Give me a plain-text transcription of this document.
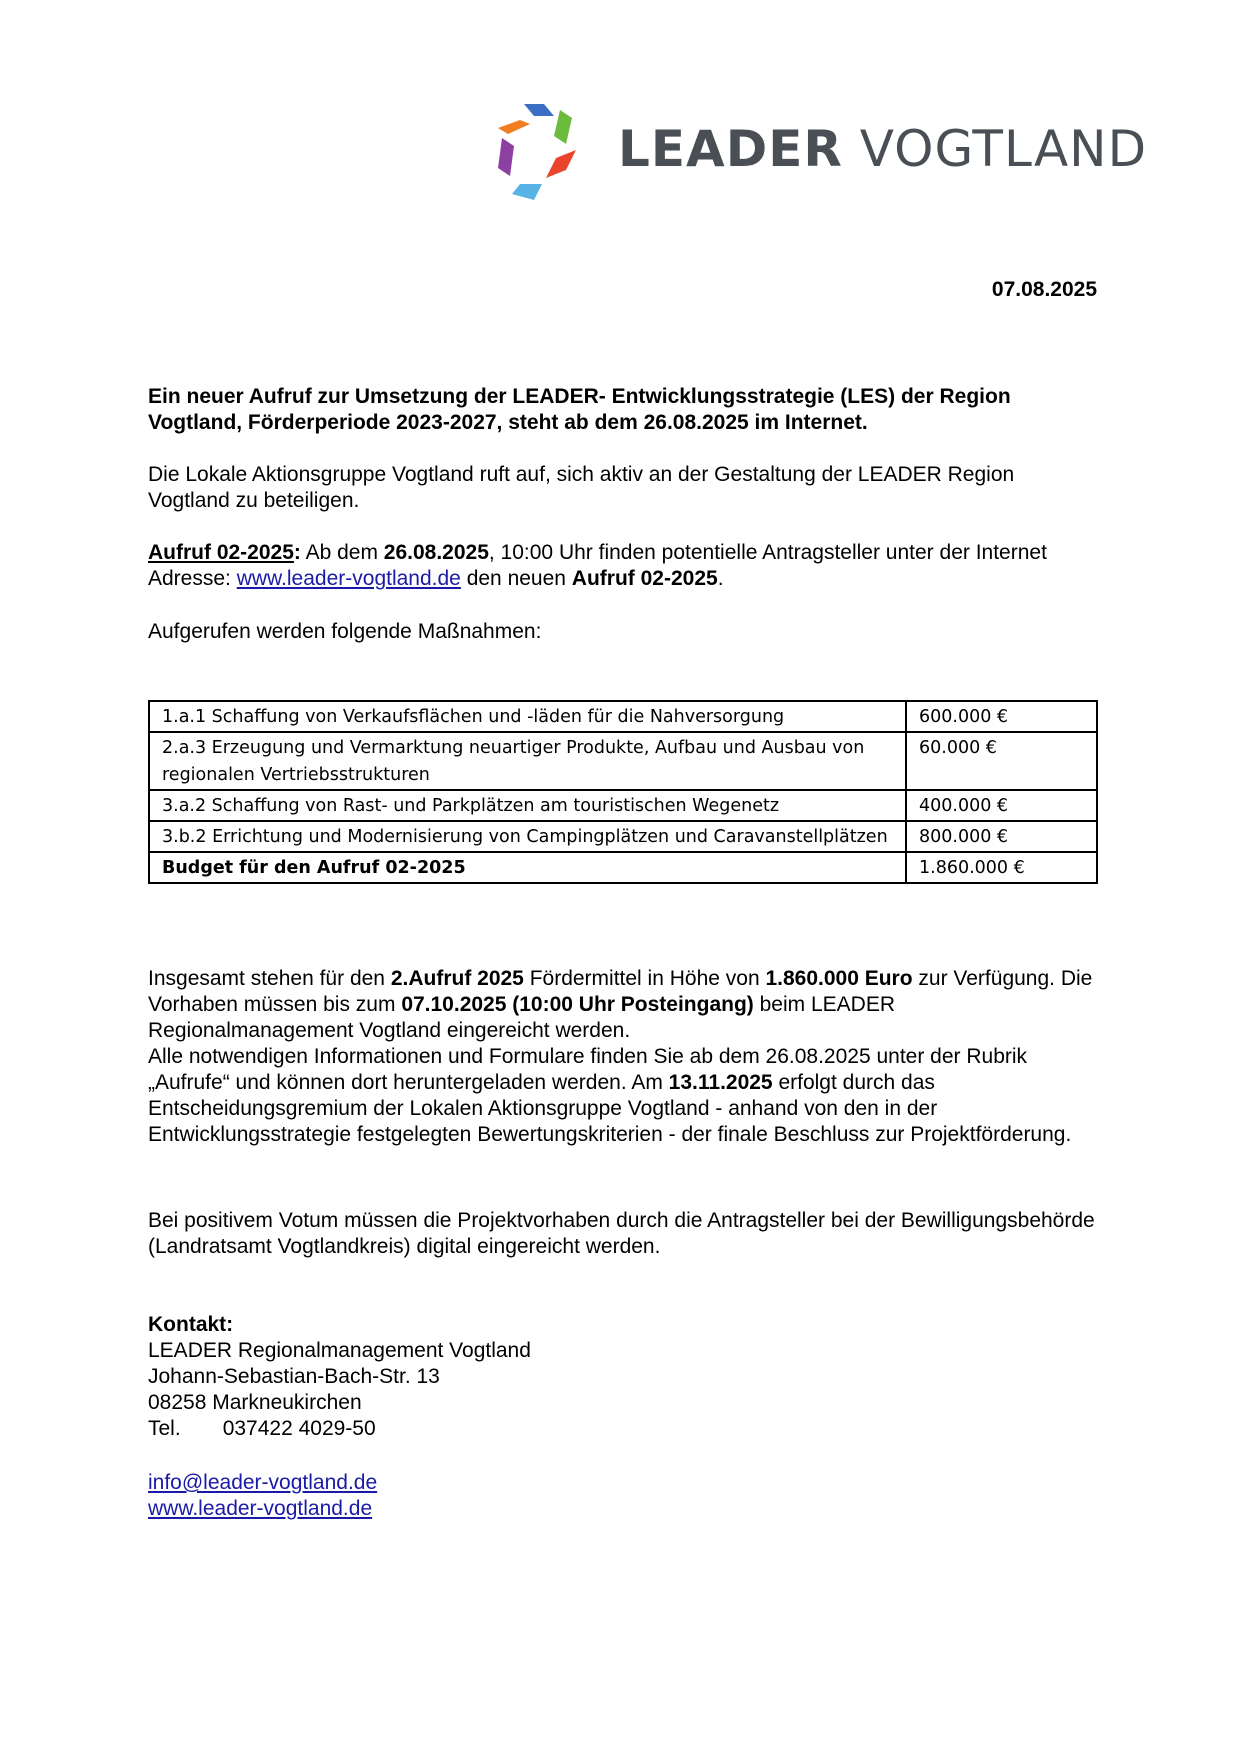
LEADER VOGTLAND
07.08.2025

Ein neuer Aufruf zur Umsetzung der LEADER- Entwicklungsstrategie (LES) der Region Vogtland, Förderperiode 2023-2027, steht ab dem 26.08.2025 im Internet.

Die Lokale Aktionsgruppe Vogtland ruft auf, sich aktiv an der Gestaltung der LEADER Region Vogtland zu beteiligen.

Aufruf 02-2025: Ab dem 26.08.2025, 10:00 Uhr finden potentielle Antragsteller unter der Internet Adresse: www.leader-vogtland.de den neuen Aufruf 02-2025.

Aufgerufen werden folgende Maßnahmen:

1.a.1 Schaffung von Verkaufsflächen und -läden für die Nahversorgung	600.000 €
2.a.3 Erzeugung und Vermarktung neuartiger Produkte, Aufbau und Ausbau von regionalen Vertriebsstrukturen	60.000 €
3.a.2 Schaffung von Rast- und Parkplätzen am touristischen Wegenetz	400.000 €
3.b.2 Errichtung und Modernisierung von Campingplätzen und Caravanstellplätzen	800.000 €
Budget für den Aufruf 02-2025	1.860.000 €

Insgesamt stehen für den 2.Aufruf 2025 Fördermittel in Höhe von 1.860.000 Euro zur Verfügung. Die Vorhaben müssen bis zum 07.10.2025 (10:00 Uhr Posteingang) beim LEADER Regionalmanagement Vogtland eingereicht werden.
Alle notwendigen Informationen und Formulare finden Sie ab dem 26.08.2025 unter der Rubrik „Aufrufe“ und können dort heruntergeladen werden. Am 13.11.2025 erfolgt durch das Entscheidungsgremium der Lokalen Aktionsgruppe Vogtland - anhand von den in der Entwicklungsstrategie festgelegten Bewertungskriterien - der finale Beschluss zur Projektförderung.

Bei positivem Votum müssen die Projektvorhaben durch die Antragsteller bei der Bewilligungsbehörde (Landratsamt Vogtlandkreis) digital eingereicht werden.

Kontakt:

LEADER Regionalmanagement Vogtland

Johann-Sebastian-Bach-Str. 13

08258 Markneukirchen

Tel. 037422 4029-50

info@leader-vogtland.de

www.leader-vogtland.de
